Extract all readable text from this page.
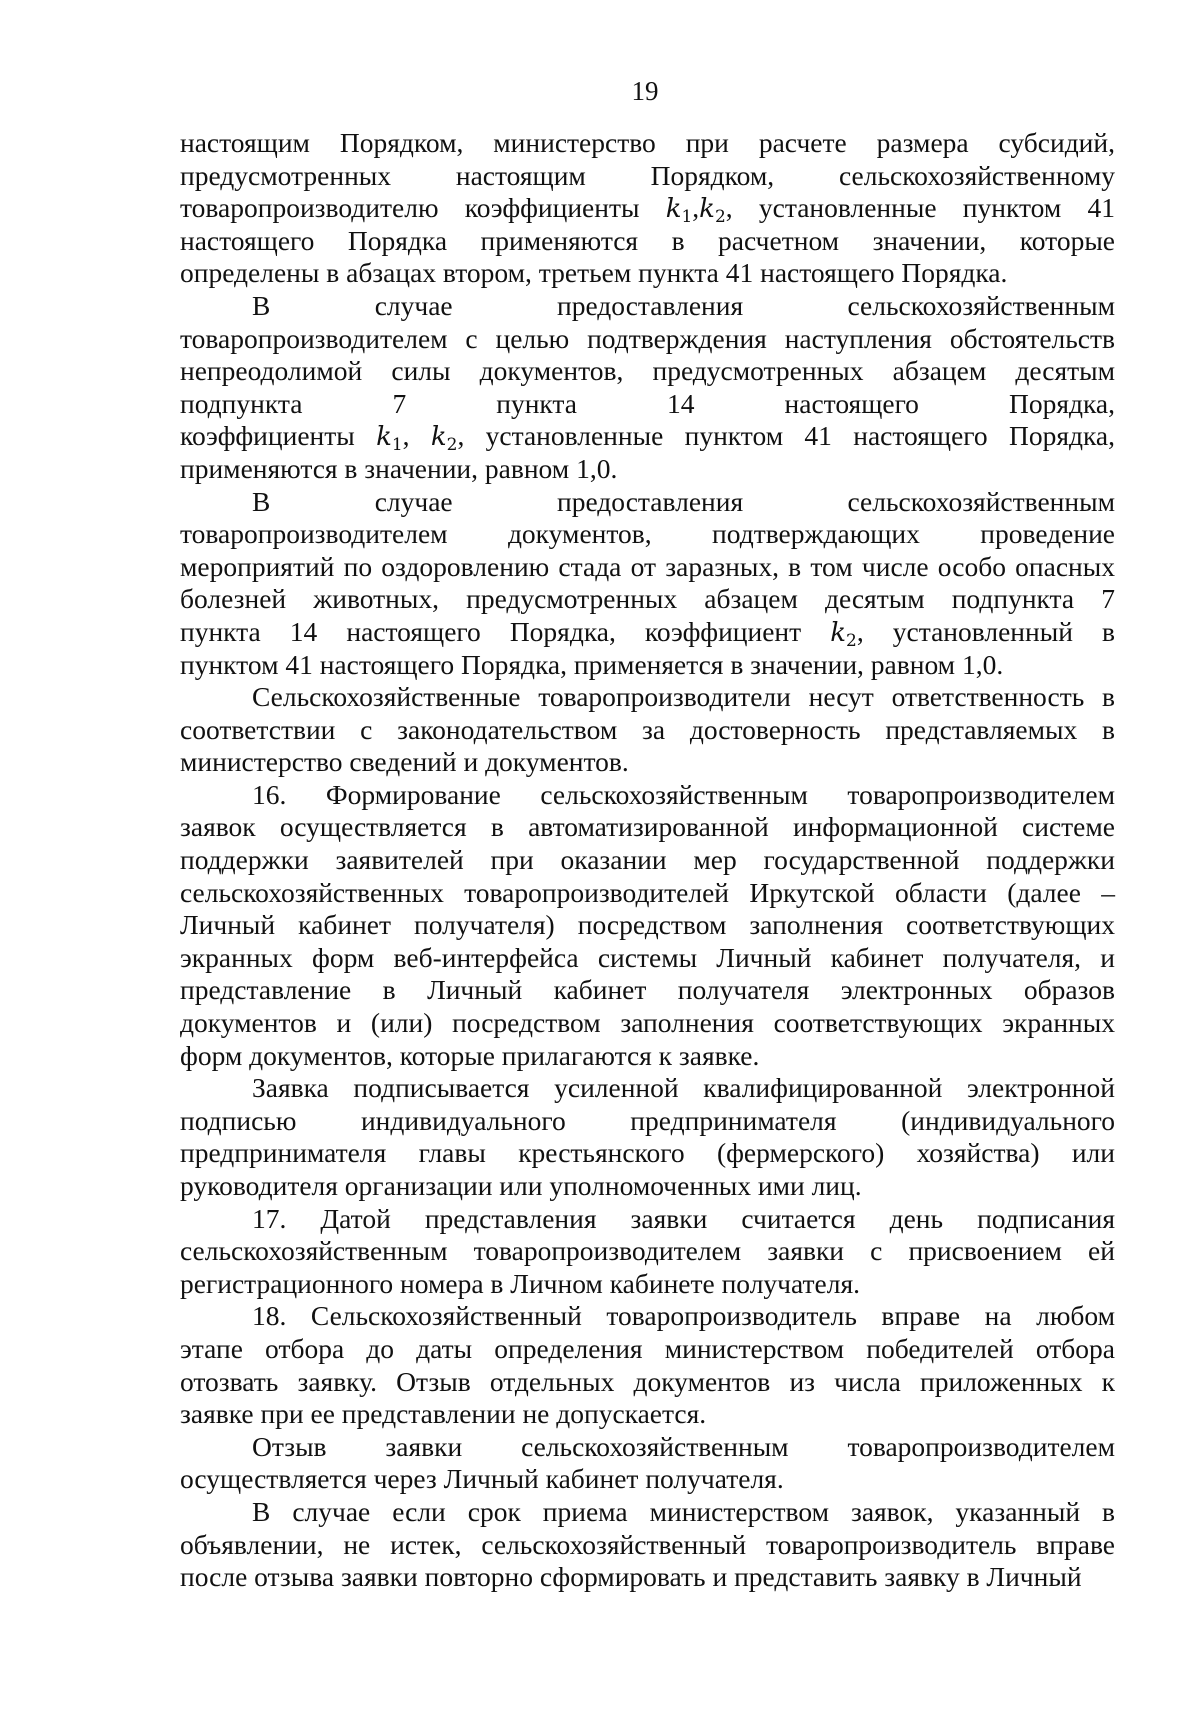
19
настоящим Порядком, министерство при расчете размера субсидий,
предусмотренных настоящим Порядком, сельскохозяйственному
товаропроизводителю коэффициенты $k_1,k_2$, установленные пунктом 41
настоящего Порядка применяются в расчетном значении, которые
определены в абзацах втором, третьем пункта 41 настоящего Порядка.
В случае предоставления сельскохозяйственным
товаропроизводителем с целью подтверждения наступления обстоятельств
непреодолимой силы документов, предусмотренных абзацем десятым
подпункта 7 пункта 14 настоящего Порядка,
коэффициенты $k_1$, $k_2$, установленные пунктом 41 настоящего Порядка,
применяются в значении, равном 1,0.
В случае предоставления сельскохозяйственным
товаропроизводителем документов, подтверждающих проведение
мероприятий по оздоровлению стада от заразных, в том числе особо опасных
болезней животных, предусмотренных абзацем десятым подпункта 7
пункта 14 настоящего Порядка, коэффициент $k_2$, установленный в
пунктом 41 настоящего Порядка, применяется в значении, равном 1,0.
Сельскохозяйственные товаропроизводители несут ответственность в
соответствии с законодательством за достоверность представляемых в
министерство сведений и документов.
16. Формирование сельскохозяйственным товаропроизводителем
заявок осуществляется в автоматизированной информационной системе
поддержки заявителей при оказании мер государственной поддержки
сельскохозяйственных товаропроизводителей Иркутской области (далее –
Личный кабинет получателя) посредством заполнения соответствующих
экранных форм веб-интерфейса системы Личный кабинет получателя, и
представление в Личный кабинет получателя электронных образов
документов и (или) посредством заполнения соответствующих экранных
форм документов, которые прилагаются к заявке.
Заявка подписывается усиленной квалифицированной электронной
подписью индивидуального предпринимателя (индивидуального
предпринимателя главы крестьянского (фермерского) хозяйства) или
руководителя организации или уполномоченных ими лиц.
17. Датой представления заявки считается день подписания
сельскохозяйственным товаропроизводителем заявки с присвоением ей
регистрационного номера в Личном кабинете получателя.
18. Сельскохозяйственный товаропроизводитель вправе на любом
этапе отбора до даты определения министерством победителей отбора
отозвать заявку. Отзыв отдельных документов из числа приложенных к
заявке при ее представлении не допускается.
Отзыв заявки сельскохозяйственным товаропроизводителем
осуществляется через Личный кабинет получателя.
В случае если срок приема министерством заявок, указанный в
объявлении, не истек, сельскохозяйственный товаропроизводитель вправе
после отзыва заявки повторно сформировать и представить заявку в Личный
